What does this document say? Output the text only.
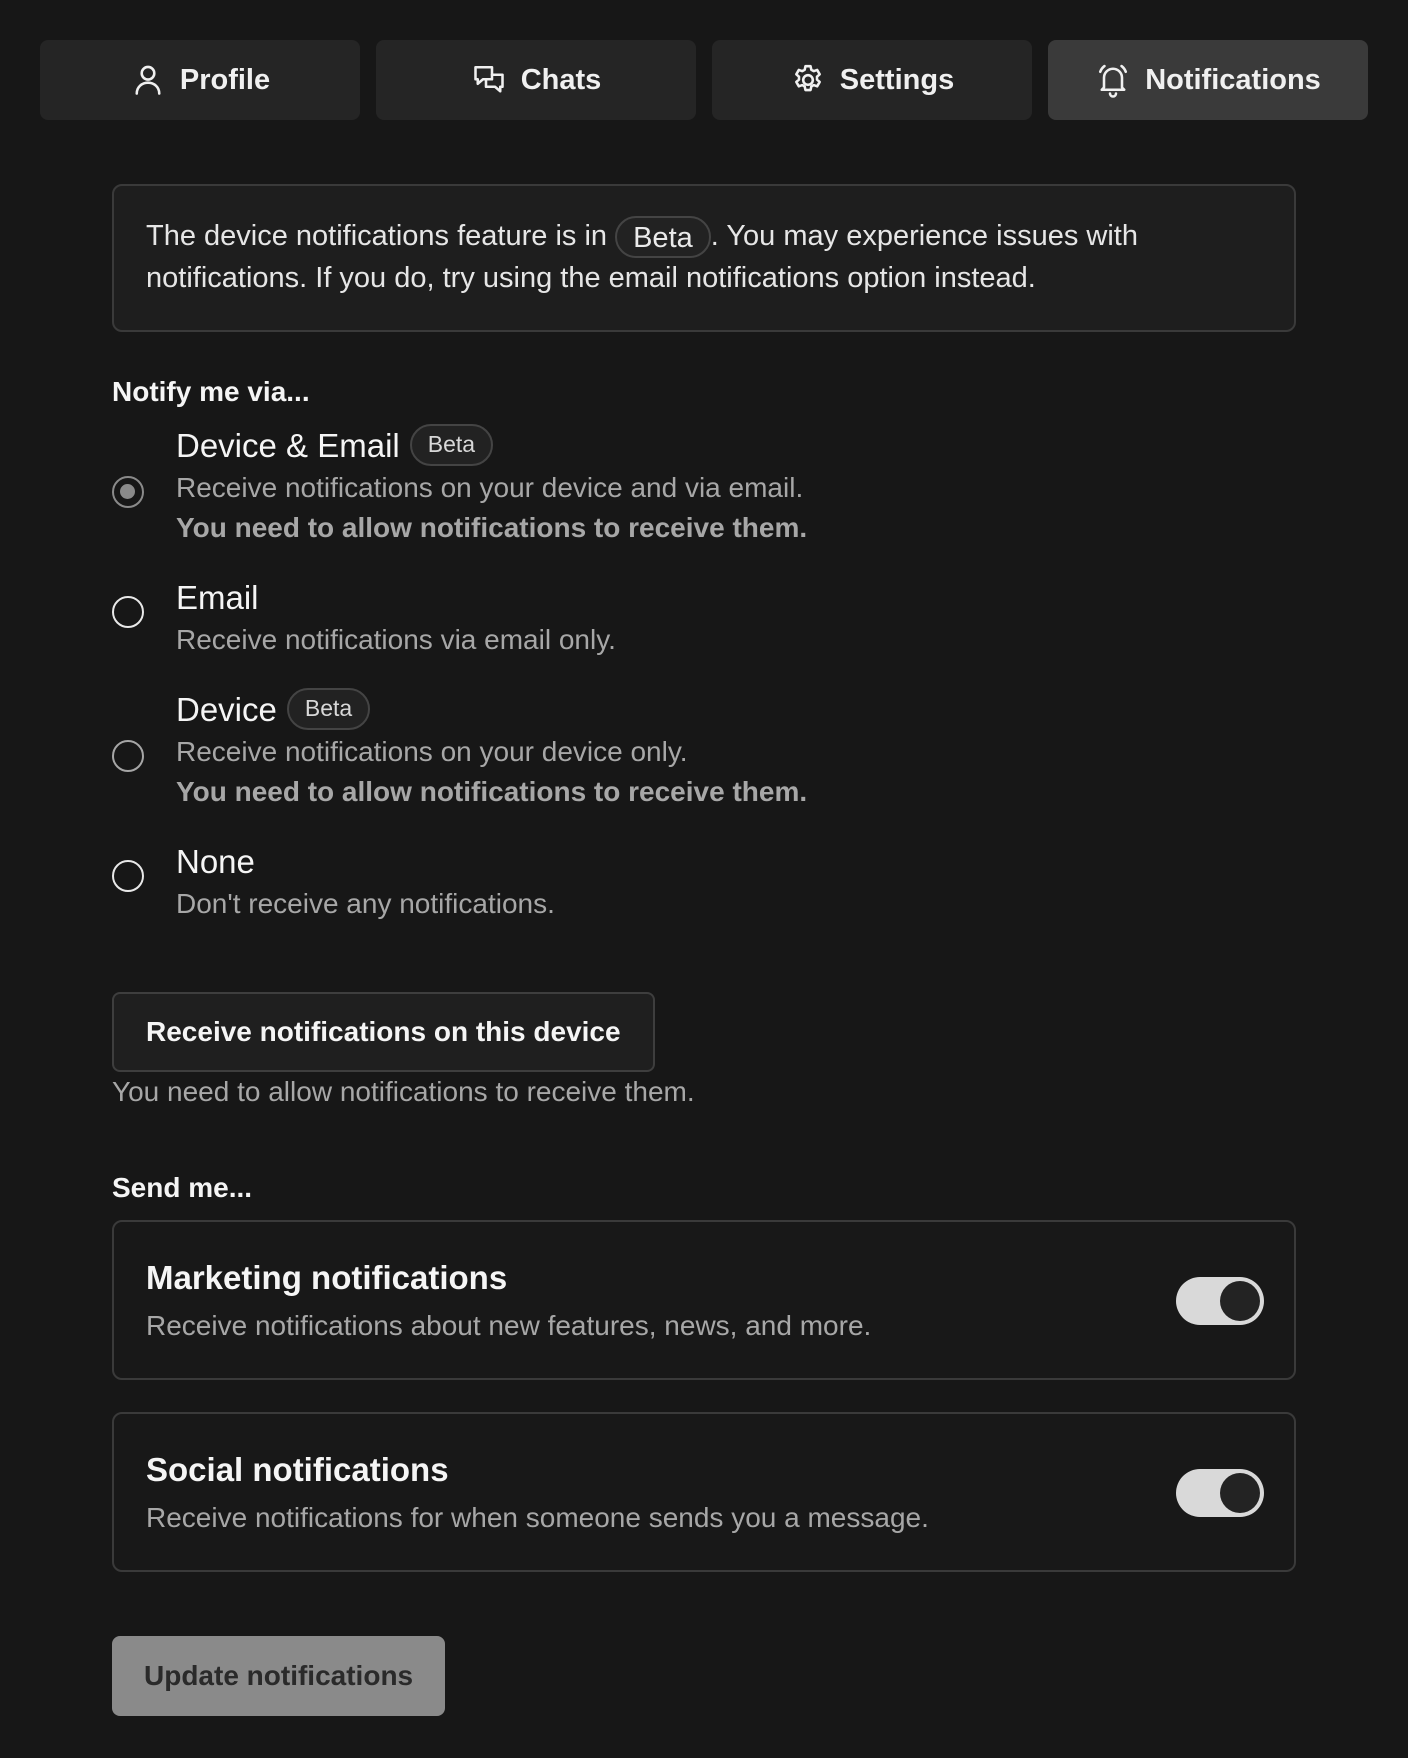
Profile	Chats	Settings	Notifications
The device notifications feature is in Beta . You may experience issues with notifications. If you do, try using the email notifications option instead.
Notify me via...
Device & Email Beta
Receive notifications on your device and via email.
You need to allow notifications to receive them.
Email
Receive notifications via email only.
Device Beta
Receive notifications on your device only.
You need to allow notifications to receive them.
None
Don't receive any notifications.
Receive notifications on this device
You need to allow notifications to receive them.
Send me...
Marketing notifications
Receive notifications about new features, news, and more.
Social notifications
Receive notifications for when someone sends you a message.
Update notifications
